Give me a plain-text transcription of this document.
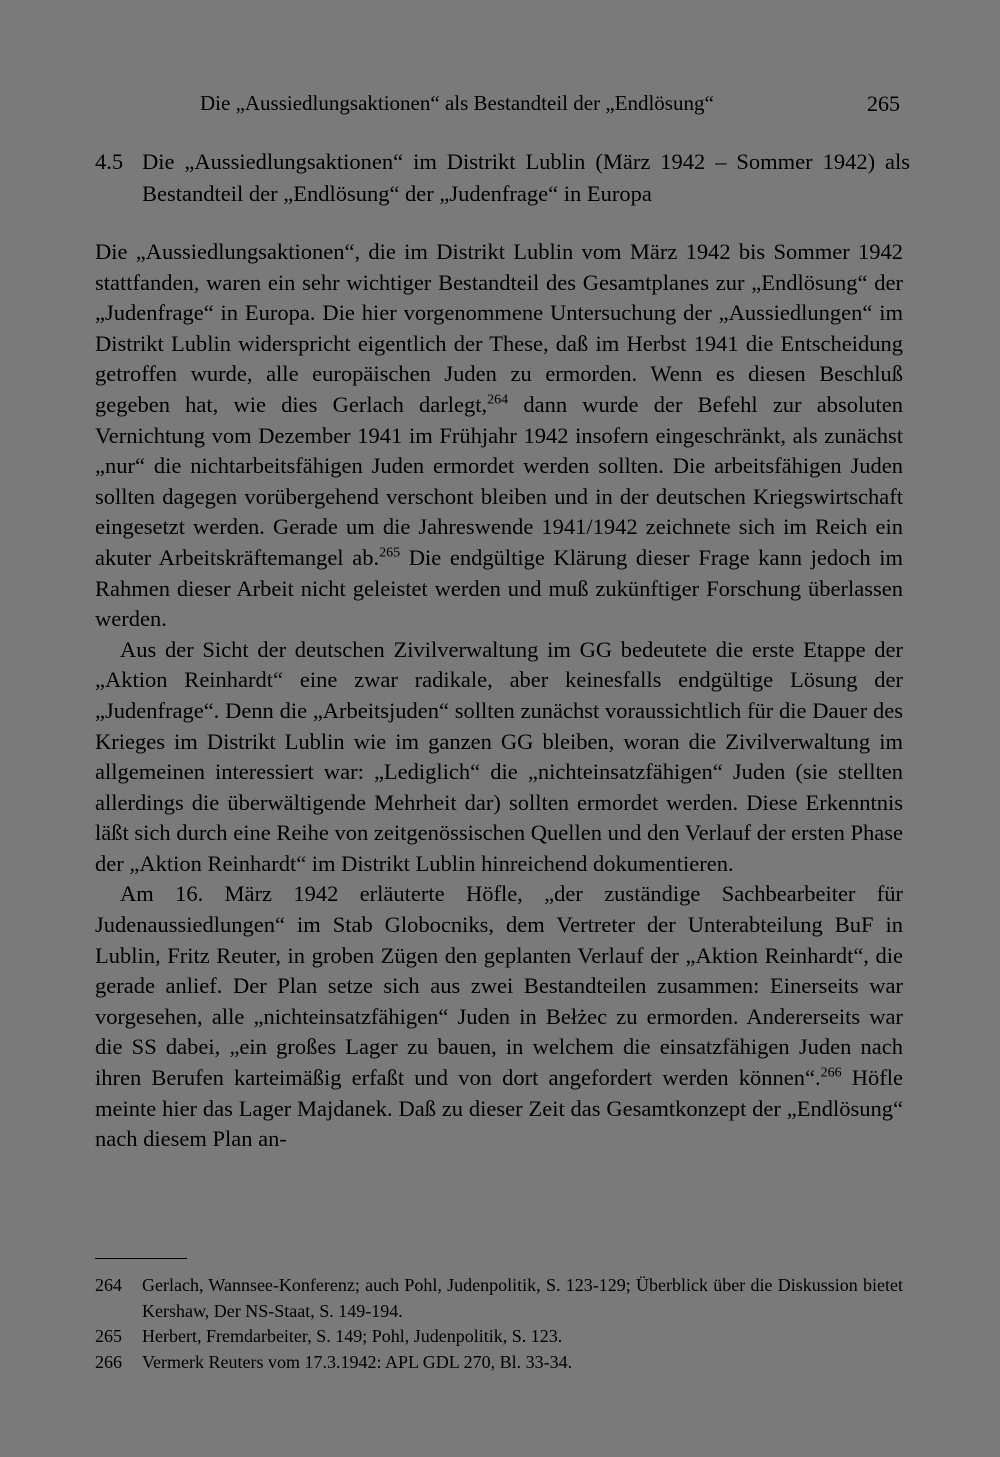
Die „Aussiedlungsaktionen“ als Bestandteil der „Endlösung“	265
4.5 Die „Aussiedlungsaktionen“ im Distrikt Lublin (März 1942 – Sommer 1942) als Bestandteil der „Endlösung“ der „Judenfrage“ in Europa

Die „Aussiedlungsaktionen“, die im Distrikt Lublin vom März 1942 bis Sommer 1942 stattfanden, waren ein sehr wichtiger Bestandteil des Gesamtplanes zur „Endlösung“ der „Judenfrage“ in Europa. Die hier vorgenommene Untersuchung der „Aussiedlungen“ im Distrikt Lublin widerspricht eigentlich der These, daß im Herbst 1941 die Entscheidung getroffen wurde, alle europäischen Juden zu ermorden. Wenn es diesen Beschluß gegeben hat, wie dies Gerlach darlegt,$^{264}$ dann wurde der Befehl zur absoluten Vernichtung vom Dezember 1941 im Frühjahr 1942 insofern eingeschränkt, als zunächst „nur“ die nichtarbeitsfähigen Juden ermordet werden sollten. Die arbeitsfähigen Juden sollten dagegen vorübergehend verschont bleiben und in der deutschen Kriegswirtschaft eingesetzt werden. Gerade um die Jahreswende 1941/1942 zeichnete sich im Reich ein akuter Arbeitskräftemangel ab.$^{265}$ Die endgültige Klärung dieser Frage kann jedoch im Rahmen dieser Arbeit nicht geleistet werden und muß zukünftiger Forschung überlassen werden.

Aus der Sicht der deutschen Zivilverwaltung im GG bedeutete die erste Etappe der „Aktion Reinhardt“ eine zwar radikale, aber keinesfalls endgültige Lösung der „Judenfrage“. Denn die „Arbeitsjuden“ sollten zunächst voraussichtlich für die Dauer des Krieges im Distrikt Lublin wie im ganzen GG bleiben, woran die Zivilverwaltung im allgemeinen interessiert war: „Lediglich“ die „nichteinsatzfähigen“ Juden (sie stellten allerdings die überwältigende Mehrheit dar) sollten ermordet werden. Diese Erkenntnis läßt sich durch eine Reihe von zeitgenössischen Quellen und den Verlauf der ersten Phase der „Aktion Reinhardt“ im Distrikt Lublin hinreichend dokumentieren.

Am 16. März 1942 erläuterte Höfle, „der zuständige Sachbearbeiter für Judenaussiedlungen“ im Stab Globocniks, dem Vertreter der Unterabteilung BuF in Lublin, Fritz Reuter, in groben Zügen den geplanten Verlauf der „Aktion Reinhardt“, die gerade anlief. Der Plan setze sich aus zwei Bestandteilen zusammen: Einerseits war vorgesehen, alle „nichteinsatzfähigen“ Juden in Bełżec zu ermorden. Andererseits war die SS dabei, „ein großes Lager zu bauen, in welchem die einsatzfähigen Juden nach ihren Berufen karteimäßig erfaßt und von dort angefordert werden können“.$^{266}$ Höfle meinte hier das Lager Majdanek. Daß zu dieser Zeit das Gesamtkonzept der „Endlösung“ nach diesem Plan an-

264 Gerlach, Wannsee-Konferenz; auch Pohl, Judenpolitik, S. 123-129; Überblick über die Diskussion bietet Kershaw, Der NS-Staat, S. 149-194.
265 Herbert, Fremdarbeiter, S. 149; Pohl, Judenpolitik, S. 123.
266 Vermerk Reuters vom 17.3.1942: APL GDL 270, Bl. 33-34.
